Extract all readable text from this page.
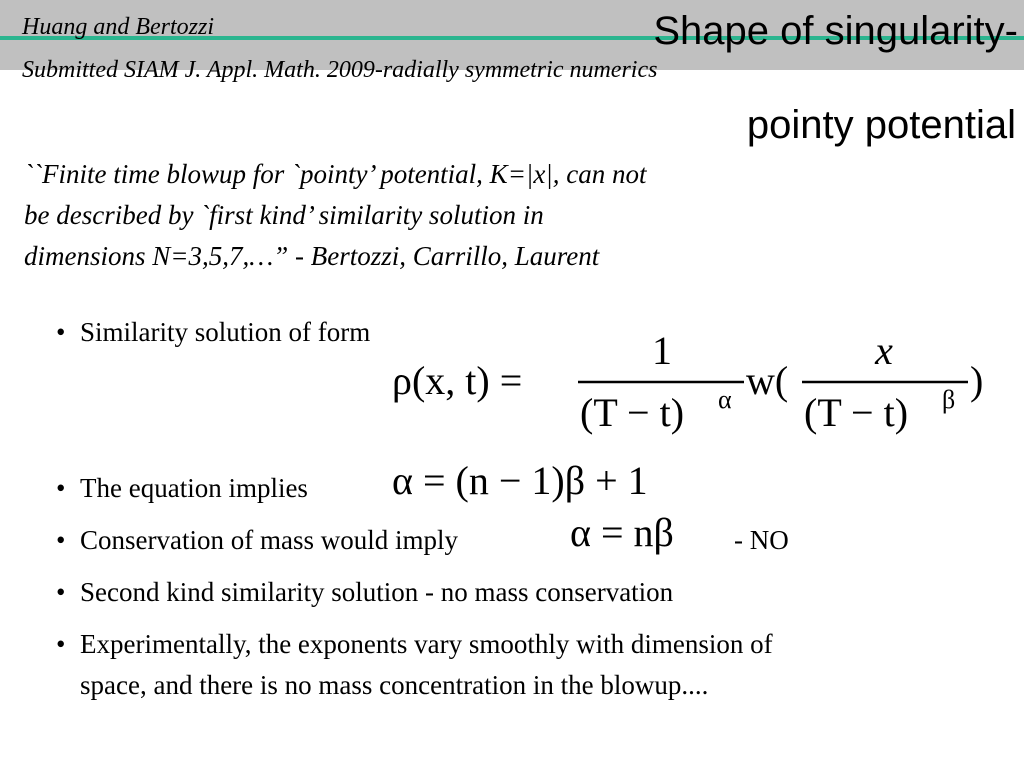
Huang and Bertozzi
Submitted SIAM J. Appl. Math. 2009-radially symmetric numerics
Shape of singularity-
pointy potential
``Finite time blowup for `pointy’ potential, K=|x|, can not
be described by `first kind’ similarity solution in
dimensions N=3,5,7,…” - Bertozzi, Carrillo, Laurent
• Similarity solution of form
ρ(x, t) =
1
(T − t) α w(
x
(T − t) β )
• The equation implies α = (n − 1)β + 1
• Conservation of mass would imply	α = nβ - NO
• Second kind similarity solution - no mass conservation
• Experimentally, the exponents vary smoothly with dimension of
space, and there is no mass concentration in the blowup....
